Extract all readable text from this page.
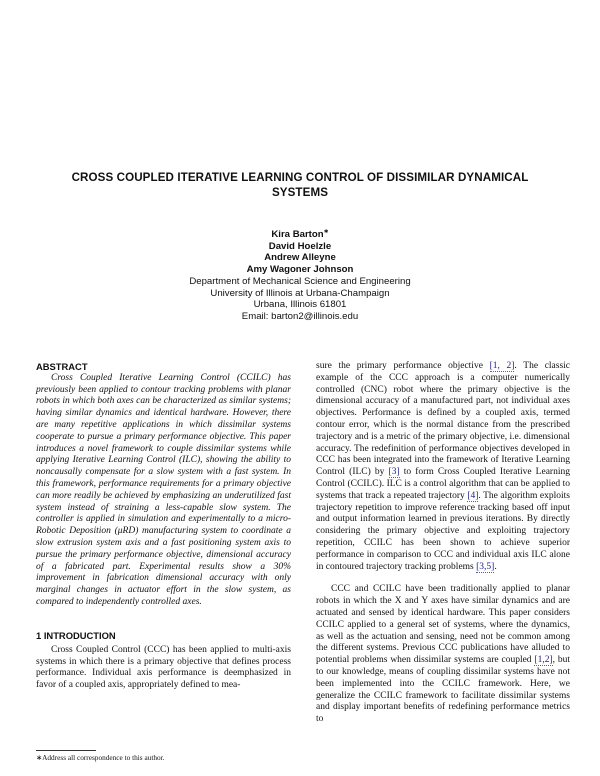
CROSS COUPLED ITERATIVE LEARNING CONTROL OF DISSIMILAR DYNAMICAL SYSTEMS
Kira Barton∗
David Hoelzle
Andrew Alleyne
Amy Wagoner Johnson
Department of Mechanical Science and Engineering
University of Illinois at Urbana-Champaign
Urbana, Illinois 61801
Email: barton2@illinois.edu
ABSTRACT

Cross Coupled Iterative Learning Control (CCILC) has previously been applied to contour tracking problems with planar robots in which both axes can be characterized as similar systems; having similar dynamics and identical hardware. However, there are many repetitive applications in which dissimilar systems cooperate to pursue a primary performance objective. This paper introduces a novel framework to couple dissimilar systems while applying Iterative Learning Control (ILC), showing the ability to noncausally compensate for a slow system with a fast system. In this framework, performance requirements for a primary objective can more readily be achieved by emphasizing an underutilized fast system instead of straining a less-capable slow system. The controller is applied in simulation and experimentally to a micro-Robotic Deposition (μRD) manufacturing system to coordinate a slow extrusion system axis and a fast positioning system axis to pursue the primary performance objective, dimensional accuracy of a fabricated part. Experimental results show a 30% improvement in fabrication dimensional accuracy with only marginal changes in actuator effort in the slow system, as compared to independently controlled axes.

1 INTRODUCTION

Cross Coupled Control (CCC) has been applied to multi-axis systems in which there is a primary objective that defines process performance. Individual axis performance is deemphasized in favor of a coupled axis, appropriately defined to mea-

∗Address all correspondence to this author.

sure the primary performance objective [1, 2]. The classic example of the CCC approach is a computer numerically controlled (CNC) robot where the primary objective is the dimensional accuracy of a manufactured part, not individual axes objectives. Performance is defined by a coupled axis, termed contour error, which is the normal distance from the prescribed trajectory and is a metric of the primary objective, i.e. dimensional accuracy. The redefinition of performance objectives developed in CCC has been integrated into the framework of Iterative Learning Control (ILC) by [3] to form Cross Coupled Iterative Learning Control (CCILC). ILC is a control algorithm that can be applied to systems that track a repeated trajectory [4]. The algorithm exploits trajectory repetition to improve reference tracking based off input and output information learned in previous iterations. By directly considering the primary objective and exploiting trajectory repetition, CCILC has been shown to achieve superior performance in comparison to CCC and individual axis ILC alone in contoured trajectory tracking problems [3,5].

CCC and CCILC have been traditionally applied to planar robots in which the X and Y axes have similar dynamics and are actuated and sensed by identical hardware. This paper considers CCILC applied to a general set of systems, where the dynamics, as well as the actuation and sensing, need not be common among the different systems. Previous CCC publications have alluded to potential problems when dissimilar systems are coupled [1,2], but to our knowledge, means of coupling dissimilar systems have not been implemented into the CCILC framework. Here, we generalize the CCILC framework to facilitate dissimilar systems and display important benefits of redefining performance metrics to
